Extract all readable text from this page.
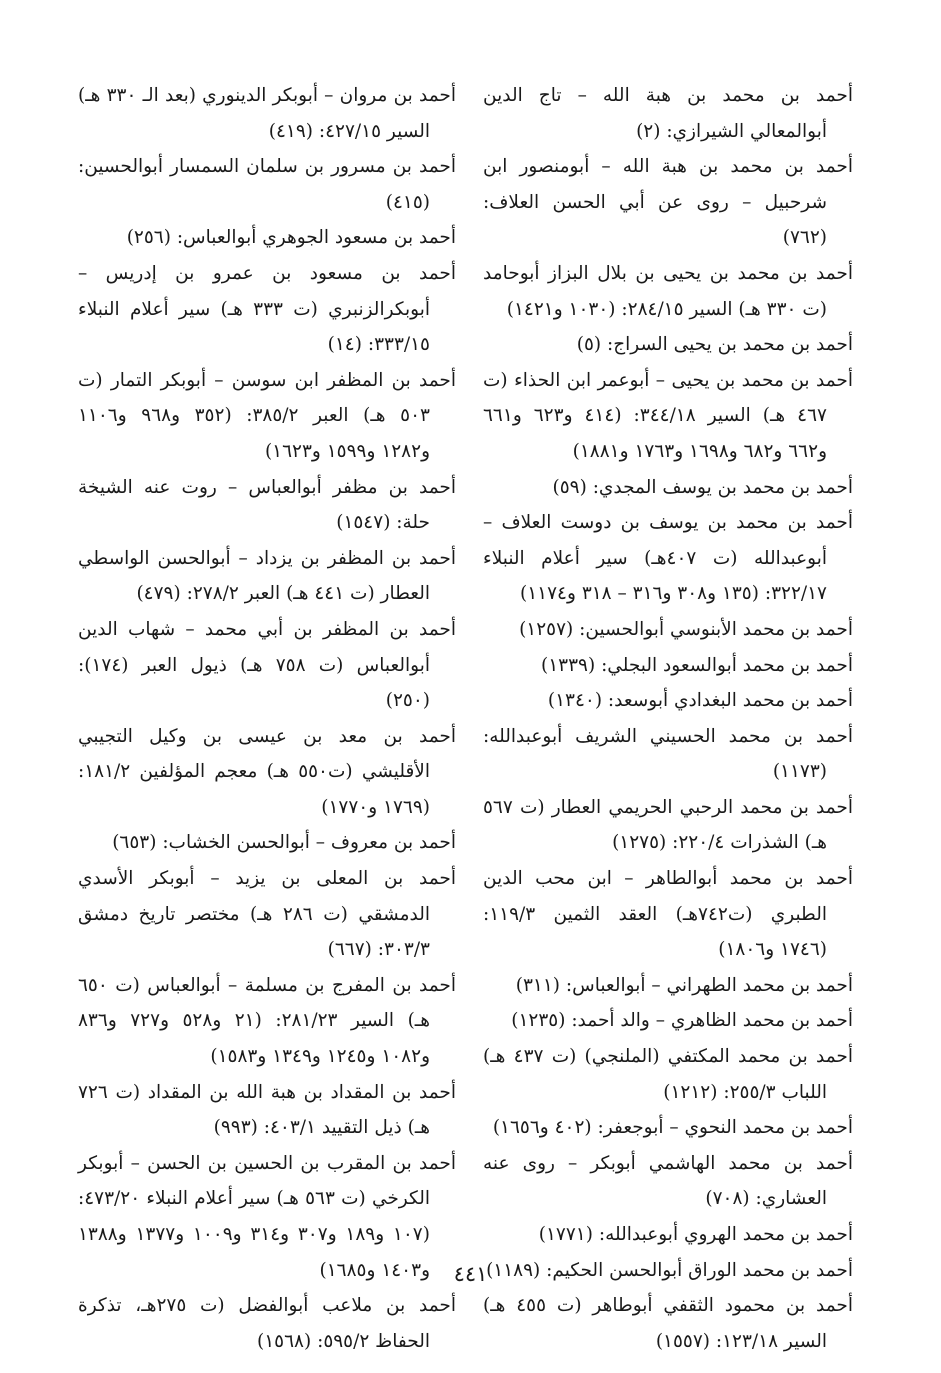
أحمد بن محمد بن هبة الله – تاج الدين أبوالمعالي الشيرازي: (٢)

أحمد بن محمد بن هبة الله – أبومنصور ابن شرحبيل – روى عن أبي الحسن العلاف: (٧٦٢)

أحمد بن محمد بن يحيى بن بلال البزاز أبوحامد (ت ٣٣٠ هـ) السير ٢٨٤/١٥: (١٠٣٠ و١٤٢١)

أحمد بن محمد بن يحيى السراج: (٥)

أحمد بن محمد بن يحيى – أبوعمر ابن الحذاء (ت ٤٦٧ هـ) السير ٣٤٤/١٨: (٤١٤ و٦٢٣ و٦٦١ و٦٦٢ و٦٨٢ و١٦٩٨ و١٧٦٣ و١٨٨١)

أحمد بن محمد بن يوسف المجدي: (٥٩)

أحمد بن محمد بن يوسف بن دوست العلاف – أبوعبدالله (ت ٤٠٧هـ) سير أعلام النبلاء ٣٢٢/١٧: (١٣٥ و٣٠٨ و٣١٦ – ٣١٨ و١١٧٤)

أحمد بن محمد الأبنوسي أبوالحسين: (١٢٥٧)

أحمد بن محمد أبوالسعود البجلي: (١٣٣٩)

أحمد بن محمد البغدادي أبوسعد: (١٣٤٠)

أحمد بن محمد الحسيني الشريف أبوعبدالله: (١١٧٣)

أحمد بن محمد الرحبي الحريمي العطار (ت ٥٦٧ هـ) الشذرات ٢٢٠/٤: (١٢٧٥)

أحمد بن محمد أبوالطاهر – ابن محب الدين الطبري (ت٧٤٢هـ) العقد الثمين ١١٩/٣: (١٧٤٦ و١٨٠٦)

أحمد بن محمد الطهراني – أبوالعباس: (٣١١)

أحمد بن محمد الظاهري – والد أحمد: (١٢٣٥)

أحمد بن محمد المكتفي (الملنجي) (ت ٤٣٧ هـ) اللباب ٢٥٥/٣: (١٢١٢)

أحمد بن محمد النحوي – أبوجعفر: (٤٠٢ و١٦٥٦)

أحمد بن محمد الهاشمي أبوبكر – روى عنه العشاري: (٧٠٨)

أحمد بن محمد الهروي أبوعبدالله: (١٧٧١)

أحمد بن محمد الوراق أبوالحسن الحكيم: (١١٨٩)

أحمد بن محمود الثقفي أبوطاهر (ت ٤٥٥ هـ) السير ١٢٣/١٨: (١٥٥٧)

أحمد بن مروان – أبوبكر الدينوري (بعد الـ ٣٣٠ هـ) السير ٤٢٧/١٥: (٤١٩)

أحمد بن مسرور بن سلمان السمسار أبوالحسين: (٤١٥)

أحمد بن مسعود الجوهري أبوالعباس: (٢٥٦)

أحمد بن مسعود بن عمرو بن إدريس – أبوبكرالزنبري (ت ٣٣٣ هـ) سير أعلام النبلاء ٣٣٣/١٥: (١٤)

أحمد بن المظفر ابن سوسن – أبوبكر التمار (ت ٥٠٣ هـ) العبر ٣٨٥/٢: (٣٥٢ و٩٦٨ و١١٠٦ و١٢٨٢ و١٥٩٩ و١٦٢٣)

أحمد بن مظفر أبوالعباس – روت عنه الشيخة حلة: (١٥٤٧)

أحمد بن المظفر بن يزداد – أبوالحسن الواسطي العطار (ت ٤٤١ هـ) العبر ٢٧٨/٢: (٤٧٩)

أحمد بن المظفر بن أبي محمد – شهاب الدين أبوالعباس (ت ٧٥٨ هـ) ذيول العبر (١٧٤): (٢٥٠)

أحمد بن معد بن عيسى بن وكيل التجيبي الأقليشي (ت٥٥٠ هـ) معجم المؤلفين ١٨١/٢: (١٧٦٩ و١٧٧٠)

أحمد بن معروف – أبوالحسن الخشاب: (٦٥٣)

أحمد بن المعلى بن يزيد – أبوبكر الأسدي الدمشقي (ت ٢٨٦ هـ) مختصر تاريخ دمشق ٣٠٣/٣: (٦٦٧)

أحمد بن المفرج بن مسلمة – أبوالعباس (ت ٦٥٠ هـ) السير ٢٨١/٢٣: (٢١ و٥٢٨ و٧٢٧ و٨٣٦ و١٠٨٢ و١٢٤٥ و١٣٤٩ و١٥٨٣)

أحمد بن المقداد بن هبة الله بن المقداد (ت ٧٢٦ هـ) ذيل التقييد ٤٠٣/١: (٩٩٣)

أحمد بن المقرب بن الحسين بن الحسن – أبوبكر الكرخي (ت ٥٦٣ هـ) سير أعلام النبلاء ٤٧٣/٢٠: (١٠٧ و١٨٩ و٣٠٧ و٣١٤ و١٠٠٩ و١٣٧٧ و١٣٨٨ و١٤٠٣ و١٦٨٥)

أحمد بن ملاعب أبوالفضل (ت ٢٧٥هـ، تذكرة الحفاظ ٥٩٥/٢: (١٥٦٨)

٤٤١
